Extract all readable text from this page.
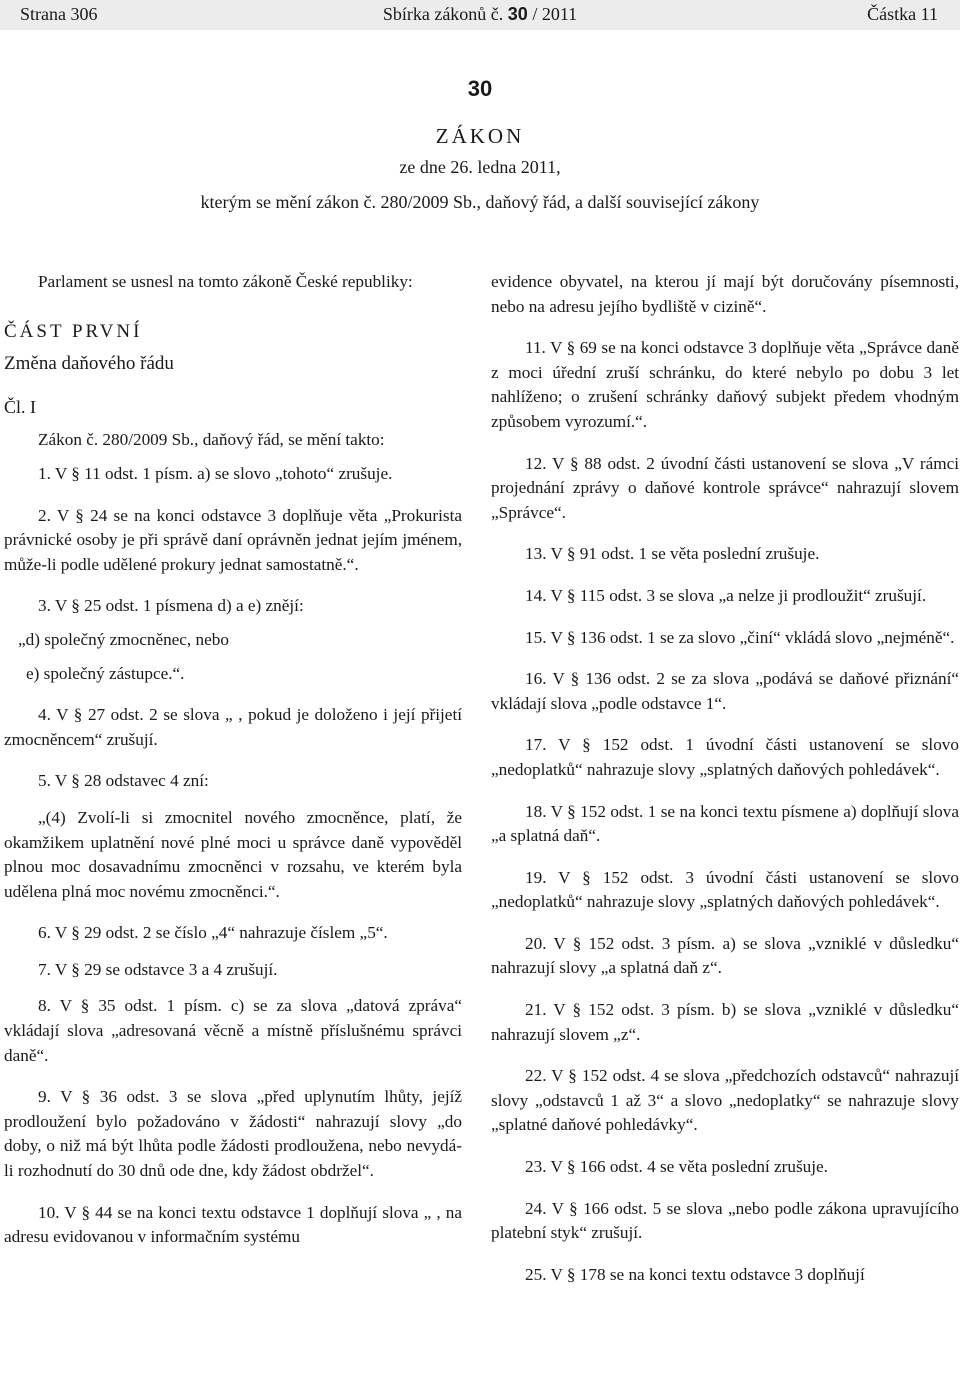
Strana 306	Sbírka zákonů č. 30 / 2011	Částka 11
30
ZÁKON
ze dne 26. ledna 2011,
kterým se mění zákon č. 280/2009 Sb., daňový řád, a další související zákony

Parlament se usnesl na tomto zákoně České republiky:

ČÁST PRVNÍ

Změna daňového řádu

Čl. I

Zákon č. 280/2009 Sb., daňový řád, se mění takto:

1. V § 11 odst. 1 písm. a) se slovo „tohoto“ zrušuje.

2. V § 24 se na konci odstavce 3 doplňuje věta „Prokurista právnické osoby je při správě daní oprávněn jednat jejím jménem, může-li podle udělené prokury jednat samostatně.“.

3. V § 25 odst. 1 písmena d) a e) znějí:

„d) společný zmocněnec, nebo

e) společný zástupce.“.

4. V § 27 odst. 2 se slova „ , pokud je doloženo i její přijetí zmocněncem“ zrušují.

5. V § 28 odstavec 4 zní:

„(4) Zvolí-li si zmocnitel nového zmocněnce, platí, že okamžikem uplatnění nové plné moci u správce daně vypověděl plnou moc dosavadnímu zmocněnci v rozsahu, ve kterém byla udělena plná moc novému zmocněnci.“.

6. V § 29 odst. 2 se číslo „4“ nahrazuje číslem „5“.

7. V § 29 se odstavce 3 a 4 zrušují.

8. V § 35 odst. 1 písm. c) se za slova „datová zpráva“ vkládají slova „adresovaná věcně a místně příslušnému správci daně“.

9. V § 36 odst. 3 se slova „před uplynutím lhůty, jejíž prodloužení bylo požadováno v žádosti“ nahrazují slovy „do doby, o niž má být lhůta podle žádosti prodloužena, nebo nevydá-li rozhodnutí do 30 dnů ode dne, kdy žádost obdržel“.

10. V § 44 se na konci textu odstavce 1 doplňují slova „ , na adresu evidovanou v informačním systému

evidence obyvatel, na kterou jí mají být doručovány písemnosti, nebo na adresu jejího bydliště v cizině“.

11. V § 69 se na konci odstavce 3 doplňuje věta „Správce daně z moci úřední zruší schránku, do které nebylo po dobu 3 let nahlíženo; o zrušení schránky daňový subjekt předem vhodným způsobem vyrozumí.“.

12. V § 88 odst. 2 úvodní části ustanovení se slova „V rámci projednání zprávy o daňové kontrole správce“ nahrazují slovem „Správce“.

13. V § 91 odst. 1 se věta poslední zrušuje.

14. V § 115 odst. 3 se slova „a nelze ji prodloužit“ zrušují.

15. V § 136 odst. 1 se za slovo „činí“ vkládá slovo „nejméně“.

16. V § 136 odst. 2 se za slova „podává se daňové přiznání“ vkládají slova „podle odstavce 1“.

17. V § 152 odst. 1 úvodní části ustanovení se slovo „nedoplatků“ nahrazuje slovy „splatných daňových pohledávek“.

18. V § 152 odst. 1 se na konci textu písmene a) doplňují slova „a splatná daň“.

19. V § 152 odst. 3 úvodní části ustanovení se slovo „nedoplatků“ nahrazuje slovy „splatných daňových pohledávek“.

20. V § 152 odst. 3 písm. a) se slova „vzniklé v důsledku“ nahrazují slovy „a splatná daň z“.

21. V § 152 odst. 3 písm. b) se slova „vzniklé v důsledku“ nahrazují slovem „z“.

22. V § 152 odst. 4 se slova „předchozích odstavců“ nahrazují slovy „odstavců 1 až 3“ a slovo „nedoplatky“ se nahrazuje slovy „splatné daňové pohledávky“.

23. V § 166 odst. 4 se věta poslední zrušuje.

24. V § 166 odst. 5 se slova „nebo podle zákona upravujícího platební styk“ zrušují.

25. V § 178 se na konci textu odstavce 3 doplňují
